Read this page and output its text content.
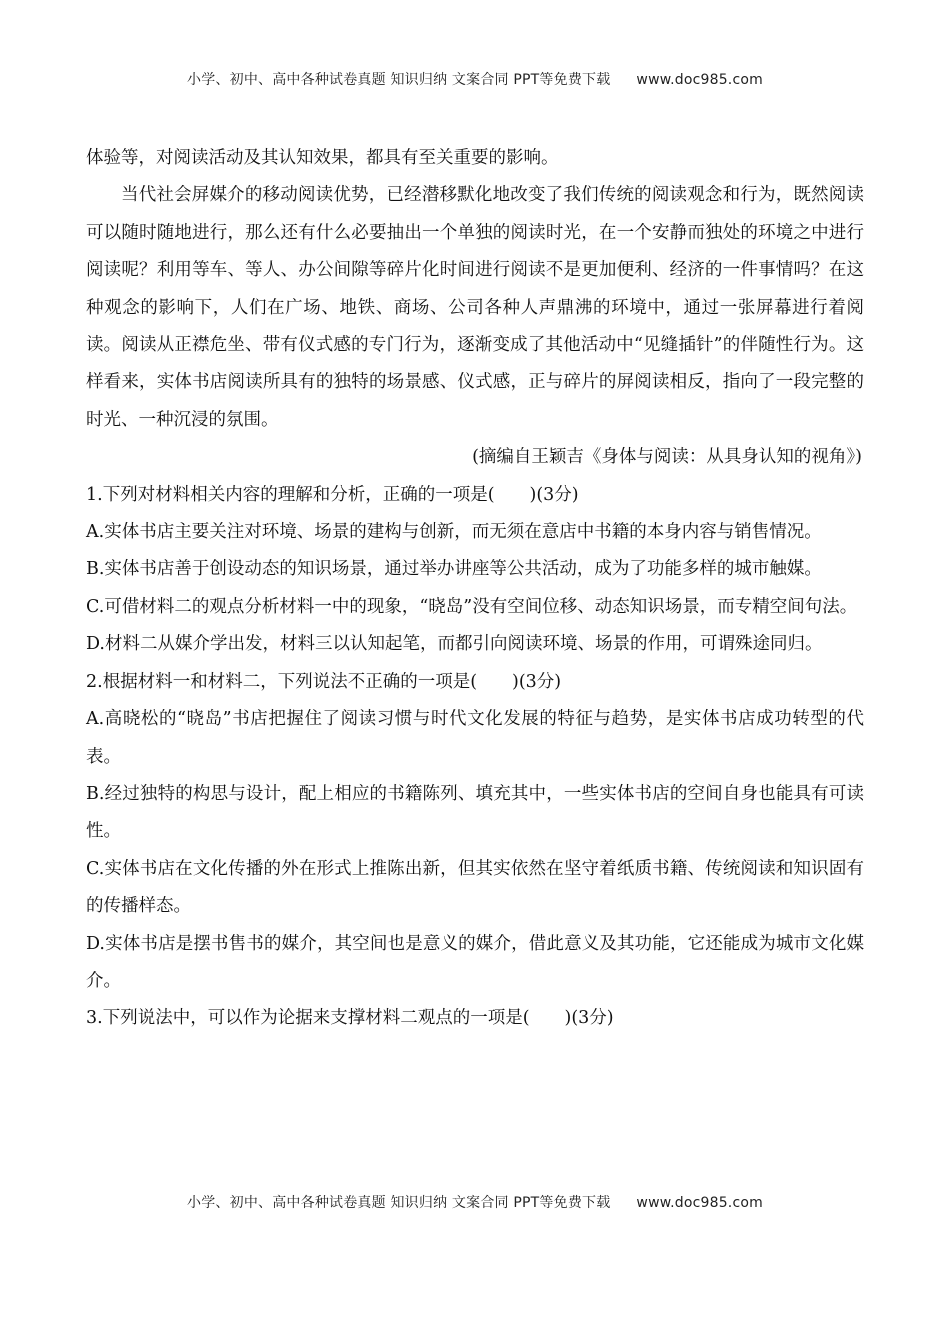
小学、初中、高中各种试卷真题 知识归纳 文案合同 PPT等免费下载 www.doc985.com

体验等，对阅读活动及其认知效果，都具有至关重要的影响。

当代社会屏媒介的移动阅读优势，已经潜移默化地改变了我们传统的阅读观念和行为，既然阅读可以随时随地进行，那么还有什么必要抽出一个单独的阅读时光，在一个安静而独处的环境之中进行阅读呢？利用等车、等人、办公间隙等碎片化时间进行阅读不是更加便利、经济的一件事情吗？在这种观念的影响下，人们在广场、地铁、商场、公司各种人声鼎沸的环境中，通过一张屏幕进行着阅读。阅读从正襟危坐、带有仪式感的专门行为，逐渐变成了其他活动中“见缝插针”的伴随性行为。这样看来，实体书店阅读所具有的独特的场景感、仪式感，正与碎片的屏阅读相反，指向了一段完整的时光、一种沉浸的氛围。

(摘编自王颖吉《身体与阅读：从具身认知的视角》)

1.下列对材料相关内容的理解和分析，正确的一项是(　　)(3分)

A.实体书店主要关注对环境、场景的建构与创新，而无须在意店中书籍的本身内容与销售情况。

B.实体书店善于创设动态的知识场景，通过举办讲座等公共活动，成为了功能多样的城市触媒。

C.可借材料二的观点分析材料一中的现象，“晓岛”没有空间位移、动态知识场景，而专精空间句法。

D.材料二从媒介学出发，材料三以认知起笔，而都引向阅读环境、场景的作用，可谓殊途同归。

2.根据材料一和材料二，下列说法不正确的一项是(　　)(3分)

A.高晓松的“晓岛”书店把握住了阅读习惯与时代文化发展的特征与趋势，是实体书店成功转型的代表。

B.经过独特的构思与设计，配上相应的书籍陈列、填充其中，一些实体书店的空间自身也能具有可读性。

C.实体书店在文化传播的外在形式上推陈出新，但其实依然在坚守着纸质书籍、传统阅读和知识固有的传播样态。

D.实体书店是摆书售书的媒介，其空间也是意义的媒介，借此意义及其功能，它还能成为城市文化媒介。

3.下列说法中，可以作为论据来支撑材料二观点的一项是(　　)(3分)

小学、初中、高中各种试卷真题 知识归纳 文案合同 PPT等免费下载 www.doc985.com
